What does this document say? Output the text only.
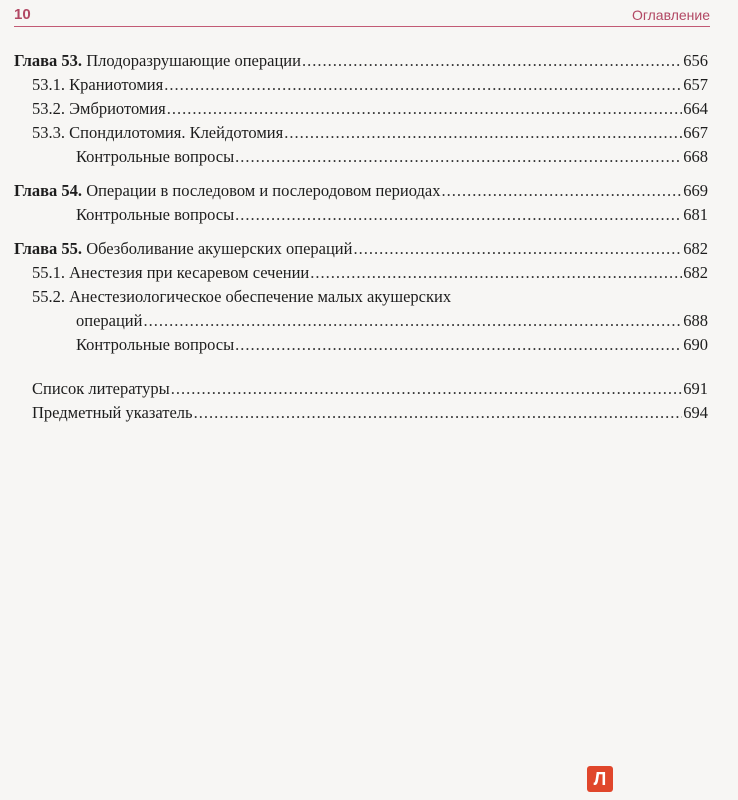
10	Оглавление
Глава 53. Плодоразрушающие операции .....	656
53.1. Краниотомия .....	657
53.2. Эмбриотомия .....	664
53.3. Спондилотомия. Клейдотомия .....	667
Контрольные вопросы .....	668
Глава 54. Операции в последовом и послеродовом периодах .....	669
Контрольные вопросы .....	681
Глава 55. Обезболивание акушерских операций .....	682
55.1. Анестезия при кесаревом сечении .....	682
55.2. Анестезиологическое обеспечение малых акушерских
операций .....	688
Контрольные вопросы .....	690
Список литературы .....	691
Предметный указатель .....	694
Л
